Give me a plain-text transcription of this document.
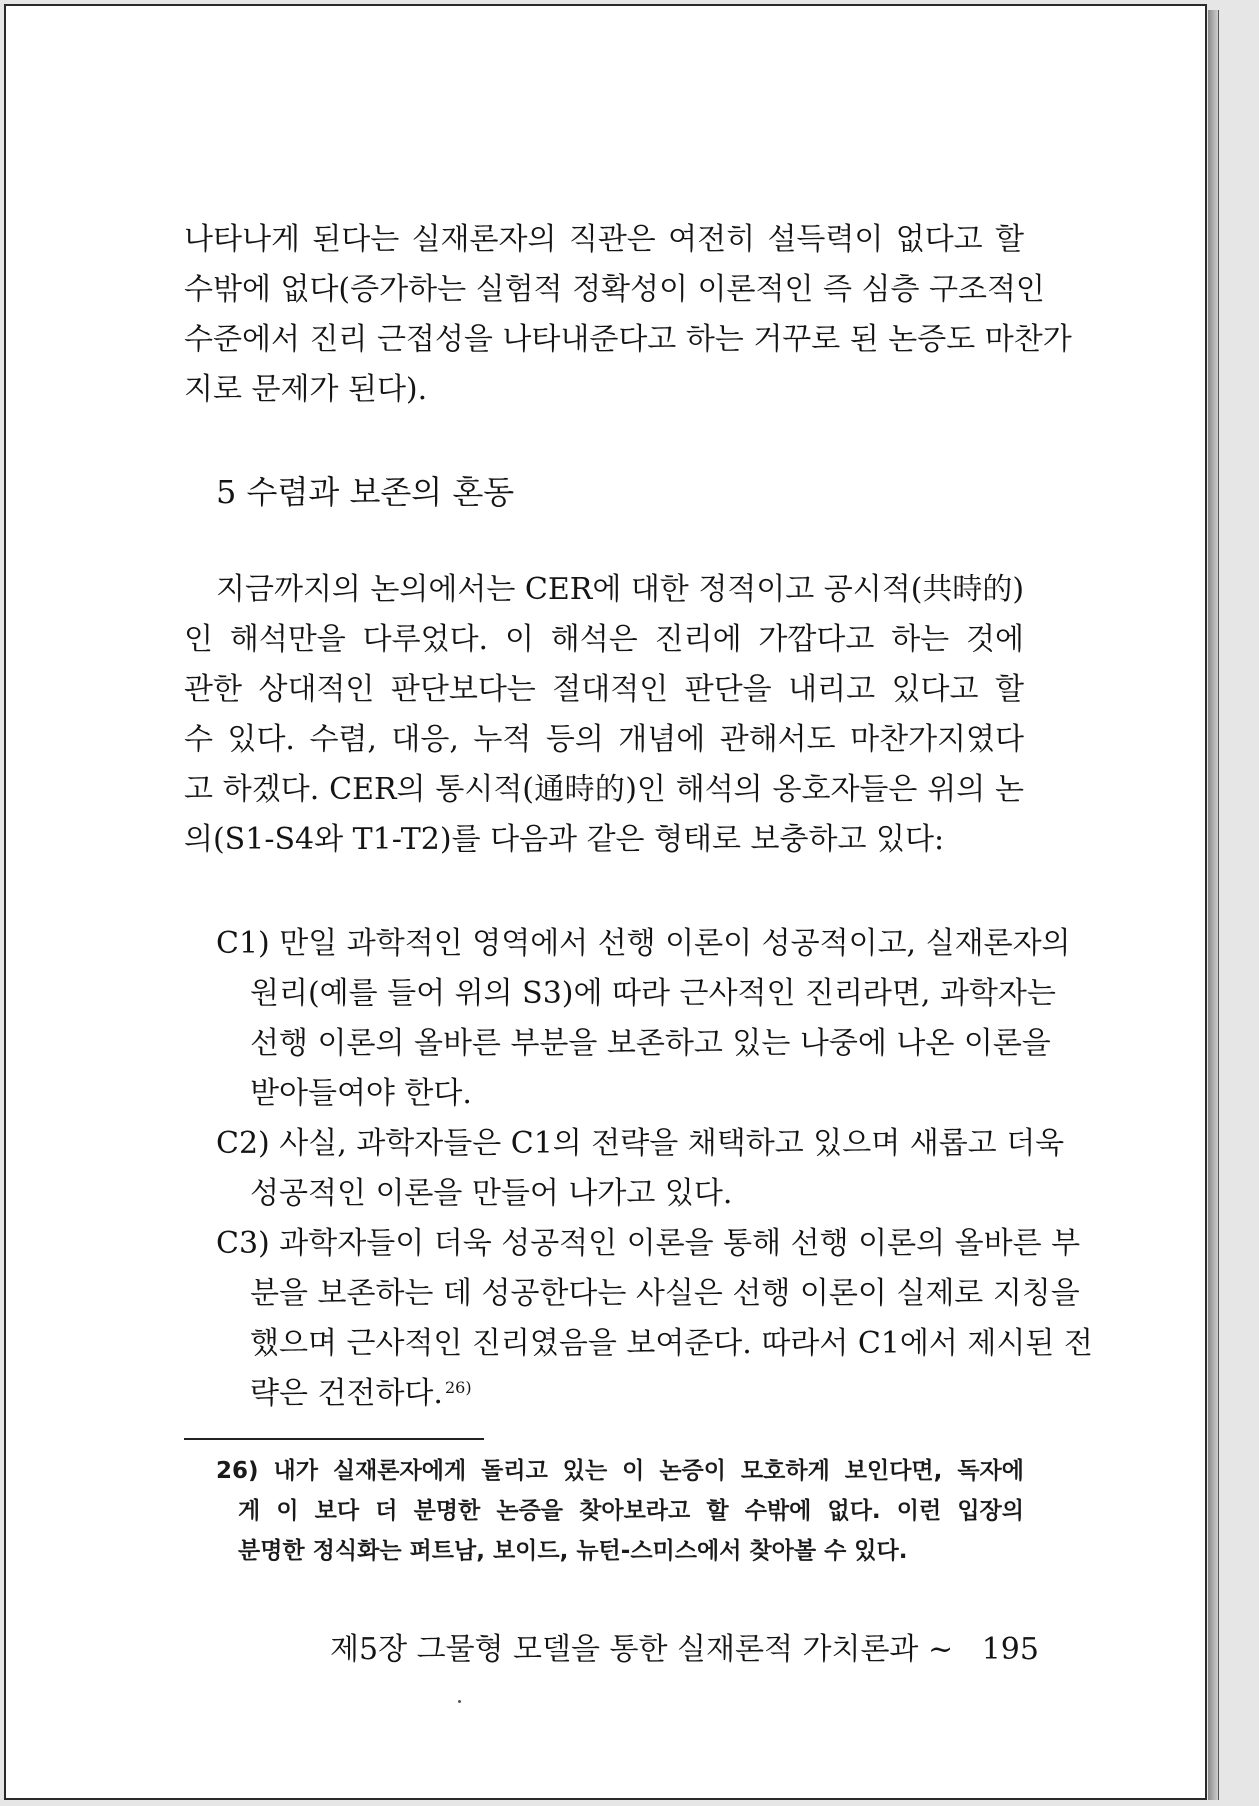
나타나게 된다는 실재론자의 직관은 여전히 설득력이 없다고 할
수밖에 없다(증가하는 실험적 정확성이 이론적인 즉 심층 구조적인
수준에서 진리 근접성을 나타내준다고 하는 거꾸로 된 논증도 마찬가
지로 문제가 된다).
5 수렴과 보존의 혼동
지금까지의 논의에서는 CER에 대한 정적이고 공시적(共時的)
인 해석만을 다루었다. 이 해석은 진리에 가깝다고 하는 것에
관한 상대적인 판단보다는 절대적인 판단을 내리고 있다고 할
수 있다. 수렴, 대응, 누적 등의 개념에 관해서도 마찬가지였다
고 하겠다. CER의 통시적(通時的)인 해석의 옹호자들은 위의 논
의(S1-S4와 T1-T2)를 다음과 같은 형태로 보충하고 있다:
C1) 만일 과학적인 영역에서 선행 이론이 성공적이고, 실재론자의
원리(예를 들어 위의 S3)에 따라 근사적인 진리라면, 과학자는
선행 이론의 올바른 부분을 보존하고 있는 나중에 나온 이론을
받아들여야 한다.
C2) 사실, 과학자들은 C1의 전략을 채택하고 있으며 새롭고 더욱
성공적인 이론을 만들어 나가고 있다.
C3) 과학자들이 더욱 성공적인 이론을 통해 선행 이론의 올바른 부
분을 보존하는 데 성공한다는 사실은 선행 이론이 실제로 지칭을
했으며 근사적인 진리였음을 보여준다. 따라서 C1에서 제시된 전
략은 건전하다. $^{26)}$
26) 내가 실재론자에게 돌리고 있는 이 논증이 모호하게 보인다면, 독자에
게 이 보다 더 분명한 논증을 찾아보라고 할 수밖에 없다. 이런 입장의
분명한 정식화는 퍼트남, 보이드, 뉴턴-스미스에서 찾아볼 수 있다.
제5장 그물형 모델을 통한 실재론적 가치론과 ~ 195
